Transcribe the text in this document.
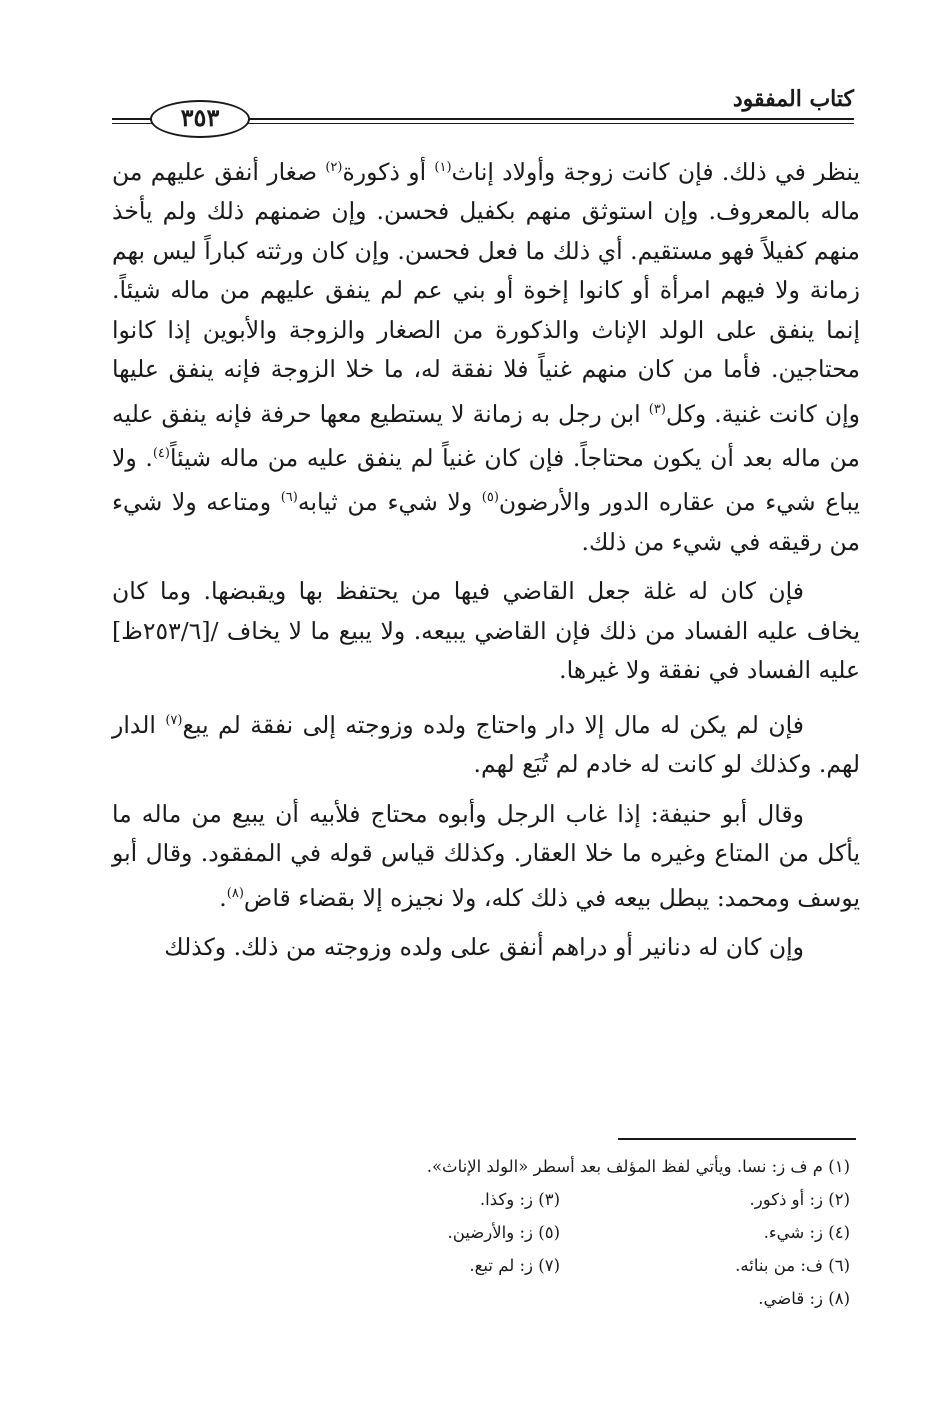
كتاب المفقود
٣٥٣

ينظر في ذلك. فإن كانت زوجة وأولاد إناث$^{(١)}$ أو ذكورة$^{(٢)}$ صغار أنفق عليهم من ماله بالمعروف. وإن استوثق منهم بكفيل فحسن. وإن ضمنهم ذلك ولم يأخذ منهم كفيلاً فهو مستقيم. أي ذلك ما فعل فحسن. وإن كان ورثته كباراً ليس بهم زمانة ولا فيهم امرأة أو كانوا إخوة أو بني عم لم ينفق عليهم من ماله شيئاً. إنما ينفق على الولد الإناث والذكورة من الصغار والزوجة والأبوين إذا كانوا محتاجين. فأما من كان منهم غنياً فلا نفقة له، ما خلا الزوجة فإنه ينفق عليها وإن كانت غنية. وكل$^{(٣)}$ ابن رجل به زمانة لا يستطيع معها حرفة فإنه ينفق عليه من ماله بعد أن يكون محتاجاً. فإن كان غنياً لم ينفق عليه من ماله شيئاً$^{(٤)}$. ولا يباع شيء من عقاره الدور والأرضون$^{(٥)}$ ولا شيء من ثيابه$^{(٦)}$ ومتاعه ولا شيء من رقيقه في شيء من ذلك.

فإن كان له غلة جعل القاضي فيها من يحتفظ بها ويقبضها. وما كان يخاف عليه الفساد من ذلك فإن القاضي يبيعه. ولا يبيع ما لا يخاف /[٢٥٣/٦ظ] عليه الفساد في نفقة ولا غيرها.

فإن لم يكن له مال إلا دار واحتاج ولده وزوجته إلى نفقة لم يبع$^{(٧)}$ الدار لهم. وكذلك لو كانت له خادم لم تُبَع لهم.

وقال أبو حنيفة: إذا غاب الرجل وأبوه محتاج فلأبيه أن يبيع من ماله ما يأكل من المتاع وغيره ما خلا العقار. وكذلك قياس قوله في المفقود. وقال أبو يوسف ومحمد: يبطل بيعه في ذلك كله، ولا نجيزه إلا بقضاء قاض$^{(٨)}$.

وإن كان له دنانير أو دراهم أنفق على ولده وزوجته من ذلك. وكذلك

(١) م ف ز: نسا. ويأتي لفظ المؤلف بعد أسطر «الولد الإناث».
(٢) ز: أو ذكور.
(٣) ز: وكذا.
(٤) ز: شيء.
(٥) ز: والأرضين.
(٦) ف: من بنائه.
(٧) ز: لم تبع.
(٨) ز: قاضي.
